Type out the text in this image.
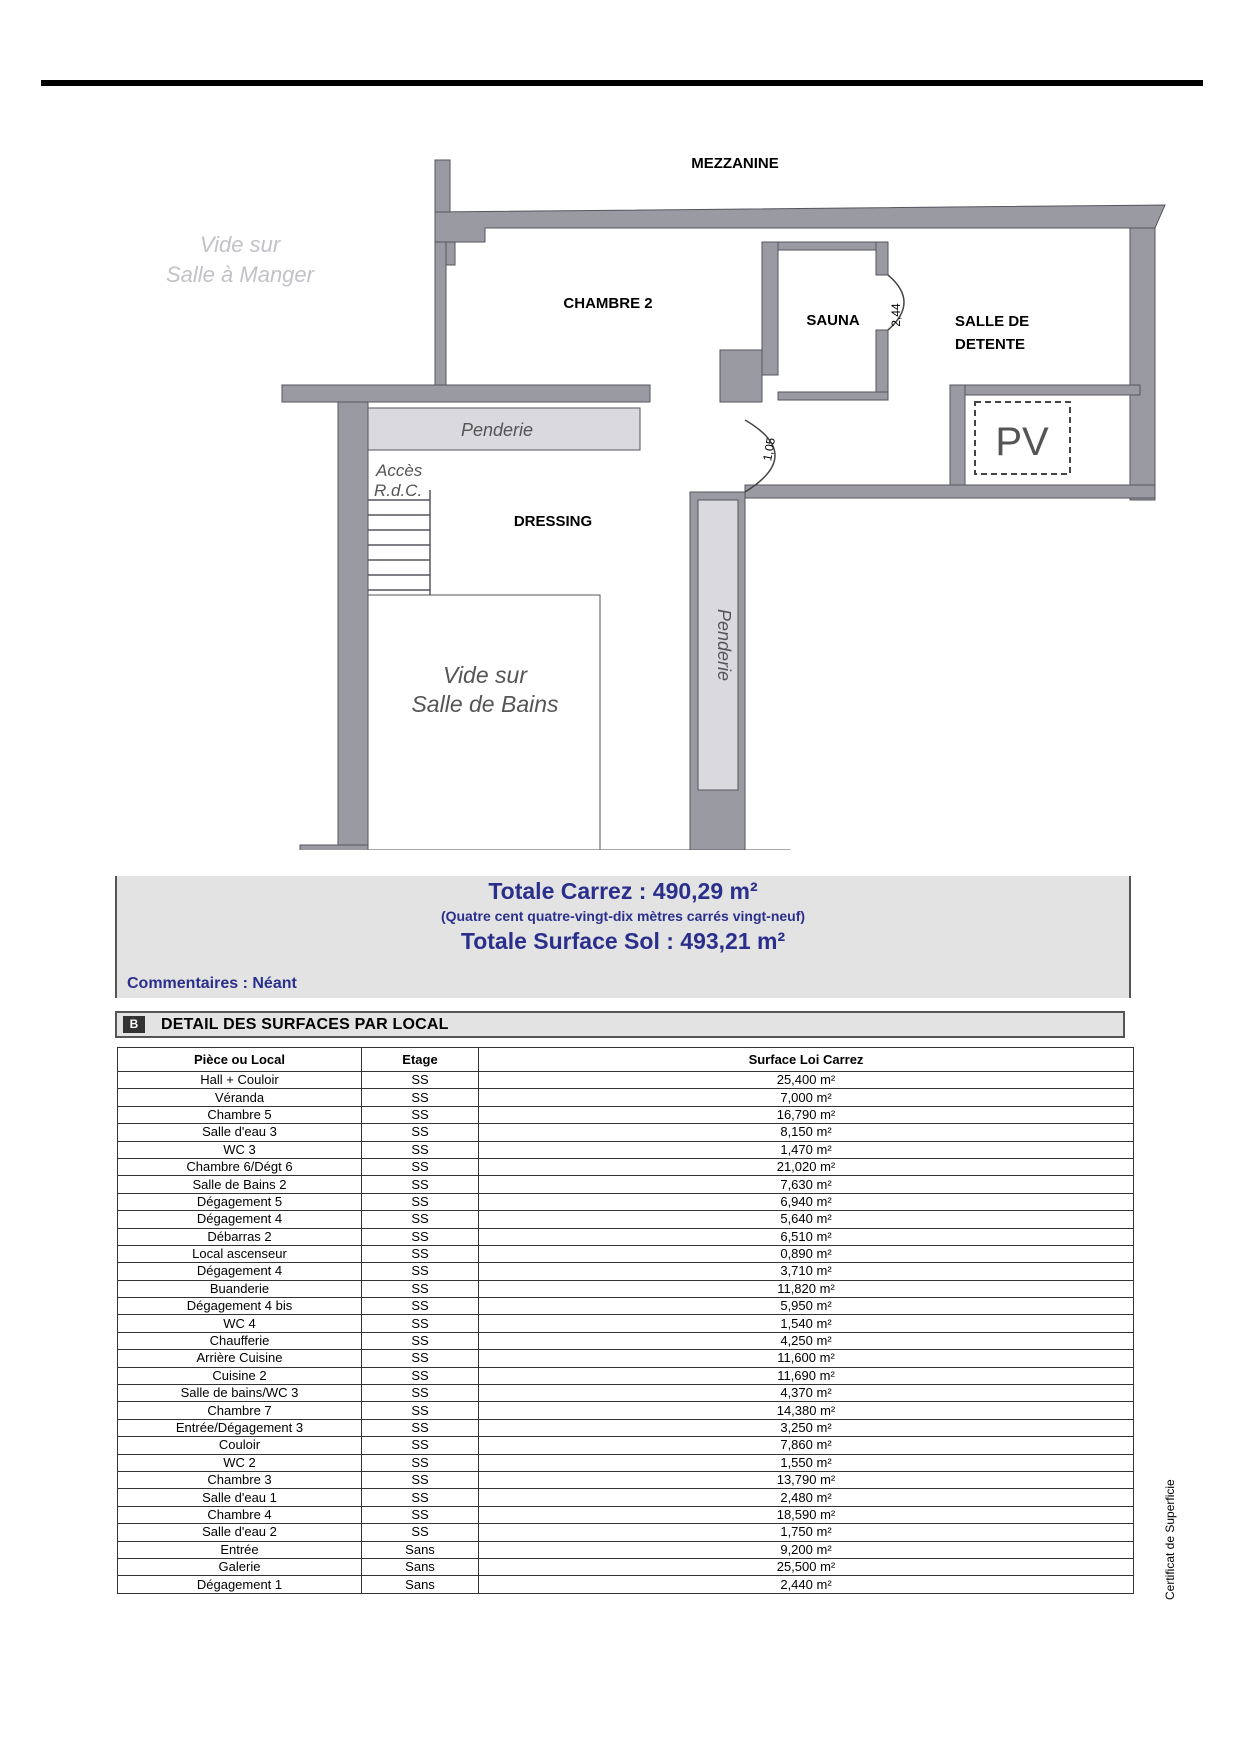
MEZZANINE
Vide sur
Salle à Manger
CHAMBRE 2
SAUNA 2,44	SALLE DE
DETENTE
Penderie
1,05	PV
Accès
R.d.C.
DRESSING
Penderie
Vide sur
Salle de Bains
Totale Carrez : 490,29 m²
(Quatre cent quatre-vingt-dix mètres carrés vingt-neuf)
Totale Surface Sol : 493,21 m²
Commentaires : Néant
B	DETAIL DES SURFACES PAR LOCAL
Pièce ou Local	Etage	Surface Loi Carrez
Hall + Couloir	SS	25,400 m²
Véranda	SS	7,000 m²
Chambre 5	SS	16,790 m²
Salle d'eau 3	SS	8,150 m²
WC 3	SS	1,470 m²
Chambre 6/Dégt 6	SS	21,020 m²
Salle de Bains 2	SS	7,630 m²
Dégagement 5	SS	6,940 m²
Dégagement 4	SS	5,640 m²
Débarras 2	SS	6,510 m²
Local ascenseur	SS	0,890 m²
Dégagement 4	SS	3,710 m²
Buanderie	SS	11,820 m²
Dégagement 4 bis	SS	5,950 m²
WC 4	SS	1,540 m²
Chaufferie	SS	4,250 m²
Arrière Cuisine	SS	11,600 m²
Cuisine 2	SS	11,690 m²
Salle de bains/WC 3	SS	4,370 m²
Chambre 7	SS	14,380 m²
Entrée/Dégagement 3	SS	3,250 m²
Couloir	SS	7,860 m²
WC 2	SS	1,550 m²
Chambre 3	SS	13,790 m²
Salle d'eau 1	SS	2,480 m²
Chambre 4	SS	18,590 m²
Salle d'eau 2	SS	1,750 m²
Entrée	Sans	9,200 m²
Galerie	Sans	25,500 m²
Dégagement 1	Sans	2,440 m²	Certificat de Superficie
